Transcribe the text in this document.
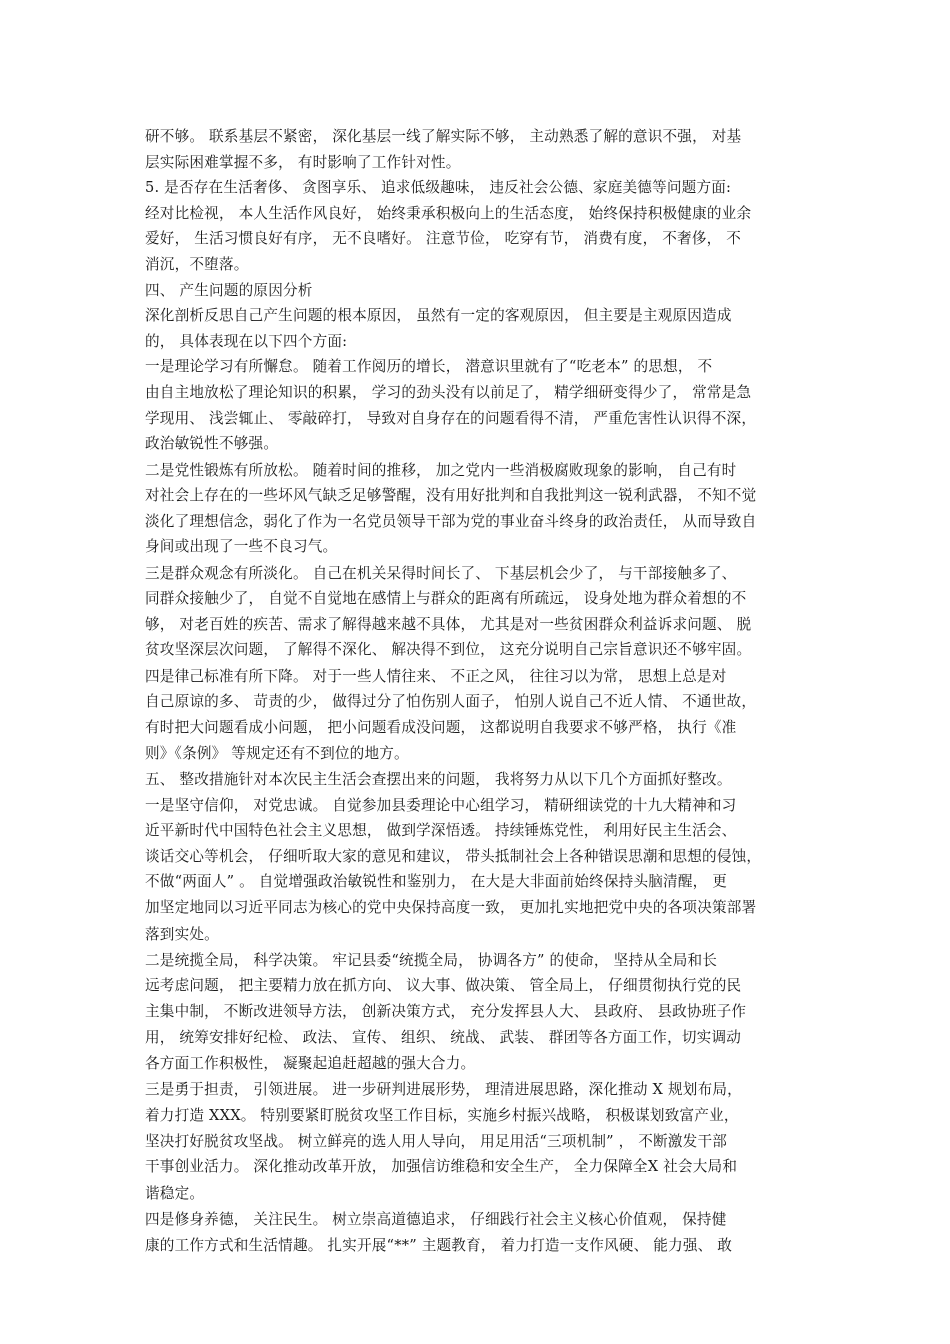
研不够。 联系基层不紧密， 深化基层一线了解实际不够， 主动熟悉了解的意识不强， 对基
层实际困难掌握不多， 有时影响了工作针对性。
5. 是否存在生活奢侈、 贪图享乐、 追求低级趣味， 违反社会公德、家庭美德等问题方面:
经对比检视， 本人生活作风良好， 始终秉承积极向上的生活态度， 始终保持积极健康的业余
爱好， 生活习惯良好有序， 无不良嗜好。 注意节俭， 吃穿有节， 消费有度， 不奢侈， 不
消沉，不堕落。
四、 产生问题的原因分析
深化剖析反思自己产生问题的根本原因， 虽然有一定的客观原因， 但主要是主观原因造成
的， 具体表现在以下四个方面:
一是理论学习有所懈怠。 随着工作阅历的增长， 潜意识里就有了“吃老本” 的思想， 不
由自主地放松了理论知识的积累， 学习的劲头没有以前足了， 精学细研变得少了， 常常是急
学现用、 浅尝辄止、 零敲碎打， 导致对自身存在的问题看得不清， 严重危害性认识得不深，
政治敏锐性不够强。
二是党性锻炼有所放松。 随着时间的推移， 加之党内一些消极腐败现象的影响， 自己有时
对社会上存在的一些坏风气缺乏足够警醒，没有用好批判和自我批判这一锐利武器， 不知不觉
淡化了理想信念，弱化了作为一名党员领导干部为党的事业奋斗终身的政治责任， 从而导致自
身间或出现了一些不良习气。
三是群众观念有所淡化。 自己在机关呆得时间长了、 下基层机会少了， 与干部接触多了、
同群众接触少了， 自觉不自觉地在感情上与群众的距离有所疏远， 设身处地为群众着想的不
够， 对老百姓的疾苦、需求了解得越来越不具体， 尤其是对一些贫困群众利益诉求问题、 脱
贫攻坚深层次问题， 了解得不深化、 解决得不到位， 这充分说明自己宗旨意识还不够牢固。
四是律己标准有所下降。 对于一些人情往来、 不正之风， 往往习以为常， 思想上总是对
自己原谅的多、 苛责的少， 做得过分了怕伤别人面子， 怕别人说自己不近人情、 不通世故，
有时把大问题看成小问题， 把小问题看成没问题， 这都说明自我要求不够严格， 执行《准
则》《条例》 等规定还有不到位的地方。
五、 整改措施针对本次民主生活会查摆出来的问题， 我将努力从以下几个方面抓好整改。
一是坚守信仰， 对党忠诚。 自觉参加县委理论中心组学习， 精研细读党的十九大精神和习
近平新时代中国特色社会主义思想， 做到学深悟透。 持续锤炼党性， 利用好民主生活会、
谈话交心等机会， 仔细听取大家的意见和建议， 带头抵制社会上各种错误思潮和思想的侵蚀，
不做“两面人” 。 自觉增强政治敏锐性和鉴别力， 在大是大非面前始终保持头脑清醒， 更
加坚定地同以习近平同志为核心的党中央保持高度一致， 更加扎实地把党中央的各项决策部署
落到实处。
二是统揽全局， 科学决策。 牢记县委“统揽全局， 协调各方” 的使命， 坚持从全局和长
远考虑问题， 把主要精力放在抓方向、 议大事、做决策、 管全局上， 仔细贯彻执行党的民
主集中制， 不断改进领导方法， 创新决策方式， 充分发挥县人大、 县政府、 县政协班子作
用， 统筹安排好纪检、 政法、 宣传、 组织、 统战、 武装、 群团等各方面工作，切实调动
各方面工作积极性， 凝聚起追赶超越的强大合力。
三是勇于担责， 引领进展。 进一步研判进展形势， 理清进展思路，深化推动 X 规划布局，
着力打造 XXX。 特别要紧盯脱贫攻坚工作目标，实施乡村振兴战略， 积极谋划致富产业，
坚决打好脱贫攻坚战。 树立鲜亮的选人用人导向， 用足用活“三项机制” ， 不断激发干部
干事创业活力。 深化推动改革开放， 加强信访维稳和安全生产， 全力保障全X 社会大局和
谐稳定。
四是修身养德， 关注民生。 树立崇高道德追求， 仔细践行社会主义核心价值观， 保持健
康的工作方式和生活情趣。 扎实开展“**” 主题教育， 着力打造一支作风硬、 能力强、 敢
